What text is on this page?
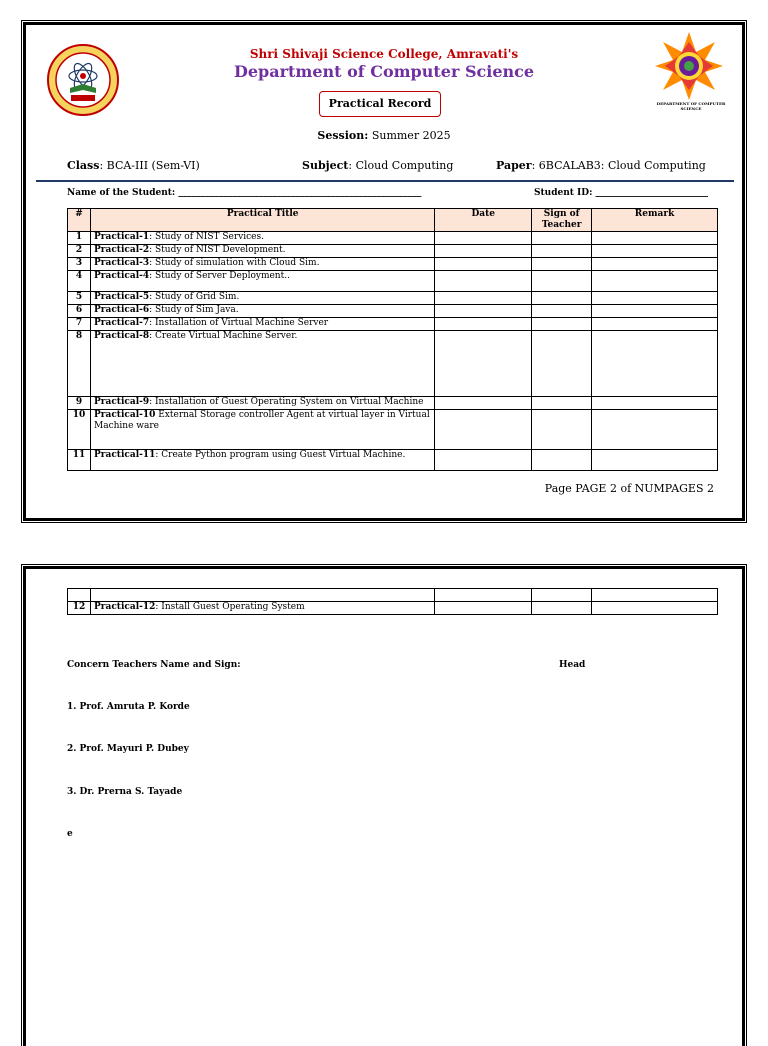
Shri Shivaji Science College, Amravati's
Department of Computer Science
Practical Record
Session: Summer 2025
DEPARTMENT OF COMPUTER SCIENCE
Class: BCA-III (Sem-VI)	Subject: Cloud Computing	Paper: 6BCALAB3: Cloud Computing
Name of the Student: ______________________________________________________	Student ID: _________________________
#	Practical Title	Date	Sign of Teacher	Remark
1	Practical-1: Study of NIST Services.			
2	Practical-2: Study of NIST Development.			
3	Practical-3: Study of simulation with Cloud Sim.			
4	Practical-4: Study of Server Deployment..			
5	Practical-5: Study of Grid Sim.			
6	Practical-6: Study of Sim Java.			
7	Practical-7: Installation of Virtual Machine Server			
8	Practical-8: Create Virtual Machine Server.			
9	Practical-9: Installation of Guest Operating System on Virtual Machine			
10	Practical-10 External Storage controller Agent at virtual layer in Virtual Machine ware			
11	Practical-11: Create Python program using Guest Virtual Machine.			
Page PAGE 2 of NUMPAGES 2

12	Practical-12: Install Guest Operating System			
Concern Teachers Name and Sign:	Head
1. Prof. Amruta P. Korde
2. Prof. Mayuri P. Dubey
3. Dr. Prerna S. Tayade
e
